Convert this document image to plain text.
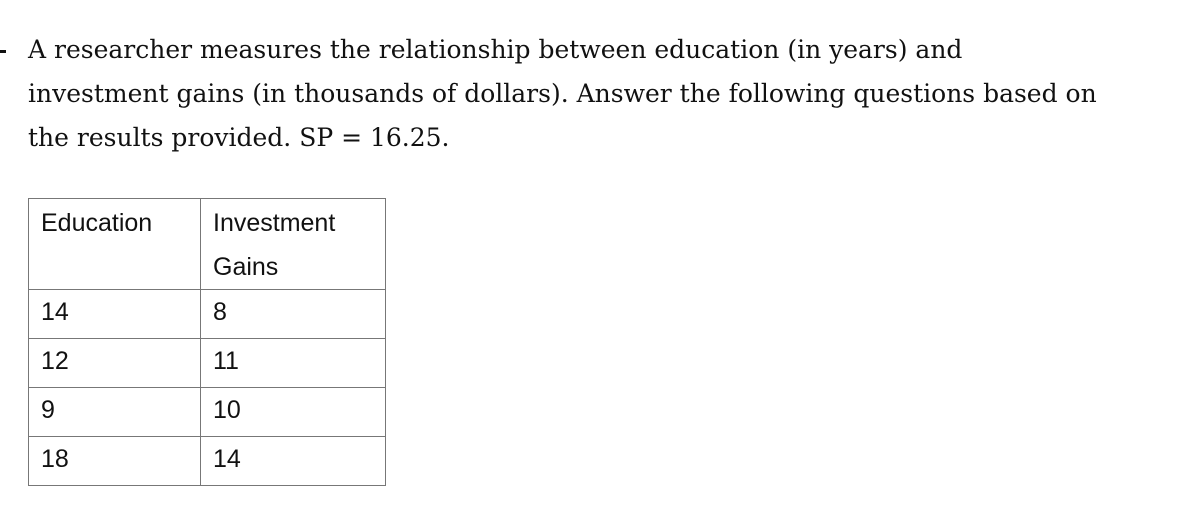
A researcher measures the relationship between education (in years) and

investment gains (in thousands of dollars). Answer the following questions based on

the results provided. SP = 16.25.

Education	Investment Gains
14	8
12	11
9	10
18	14
